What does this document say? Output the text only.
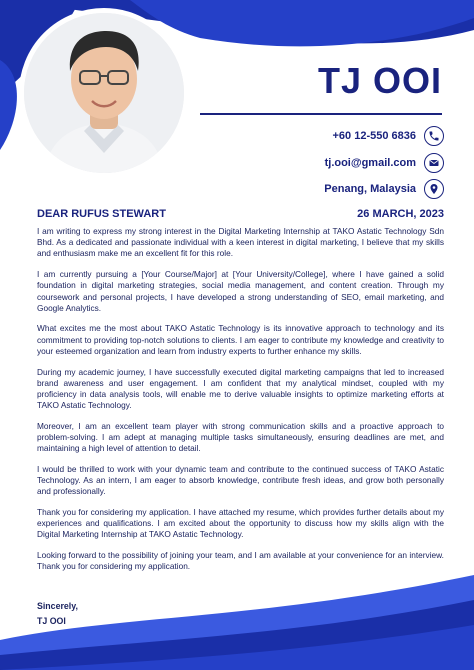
TJ OOI
+60 12-550 6836
tj.ooi@gmail.com
Penang, Malaysia
DEAR RUFUS STEWART	26 MARCH, 2023

I am writing to express my strong interest in the Digital Marketing Internship at TAKO Astatic Technology Sdn Bhd. As a dedicated and passionate individual with a keen interest in digital marketing, I believe that my skills and enthusiasm make me an excellent fit for this role.

I am currently pursuing a [Your Course/Major] at [Your University/College], where I have gained a solid foundation in digital marketing strategies, social media management, and content creation. Through my coursework and personal projects, I have developed a strong understanding of SEO, email marketing, and Google Analytics.

What excites me the most about TAKO Astatic Technology is its innovative approach to technology and its commitment to providing top-notch solutions to clients. I am eager to contribute my knowledge and creativity to your esteemed organization and learn from industry experts to further enhance my skills.

During my academic journey, I have successfully executed digital marketing campaigns that led to increased brand awareness and user engagement. I am confident that my analytical mindset, coupled with my proficiency in data analysis tools, will enable me to derive valuable insights to optimize marketing efforts at TAKO Astatic Technology.

Moreover, I am an excellent team player with strong communication skills and a proactive approach to problem-solving. I am adept at managing multiple tasks simultaneously, ensuring deadlines are met, and maintaining a high level of attention to detail.

I would be thrilled to work with your dynamic team and contribute to the continued success of TAKO Astatic Technology. As an intern, I am eager to absorb knowledge, contribute fresh ideas, and grow both personally and professionally.

Thank you for considering my application. I have attached my resume, which provides further details about my experiences and qualifications. I am excited about the opportunity to discuss how my skills align with the Digital Marketing Internship at TAKO Astatic Technology.

Looking forward to the possibility of joining your team, and I am available at your convenience for an interview. Thank you for considering my application.

Sincerely,
TJ OOI
